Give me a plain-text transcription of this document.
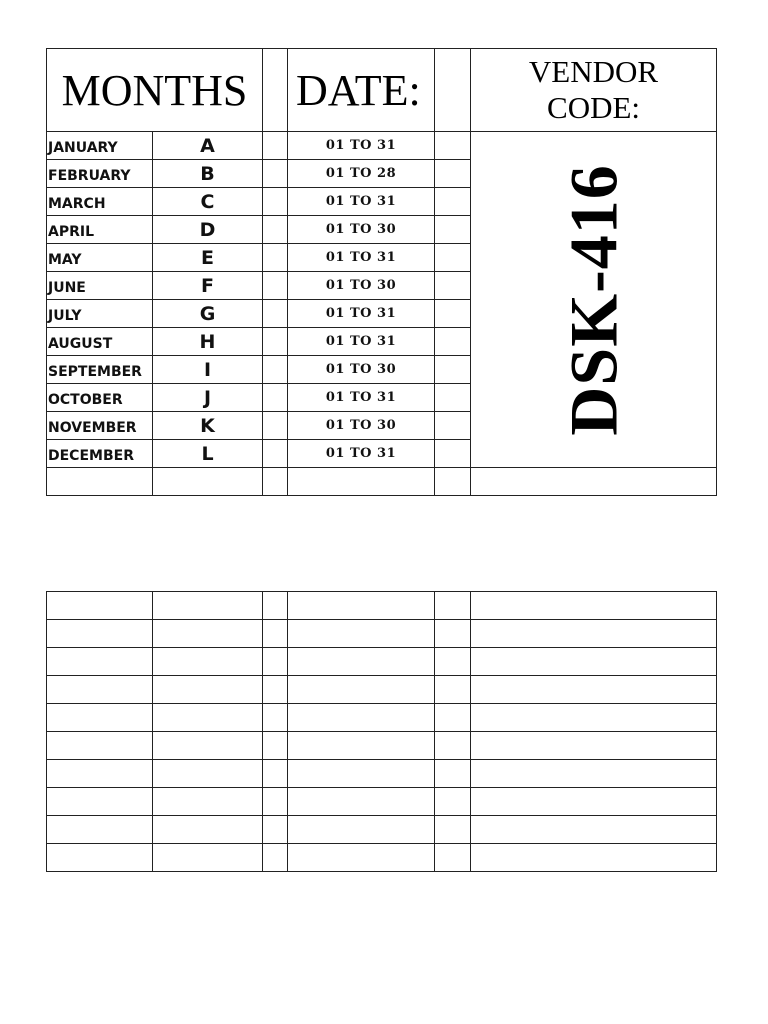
MONTHS			DATE:		VENDOR
CODE:

JANUARY	A		01 TO 31		DSK-416

FEBRUARY	B		01 TO 28		
MARCH	C		01 TO 31		
APRIL	D		01 TO 30		
MAY	E		01 TO 31		
JUNE	F		01 TO 30		
JULY	G		01 TO 31		
AUGUST	H		01 TO 31		
SEPTEMBER	I		01 TO 30		
OCTOBER	J		01 TO 31		
NOVEMBER	K		01 TO 30		
DECEMBER	L		01 TO 31		
